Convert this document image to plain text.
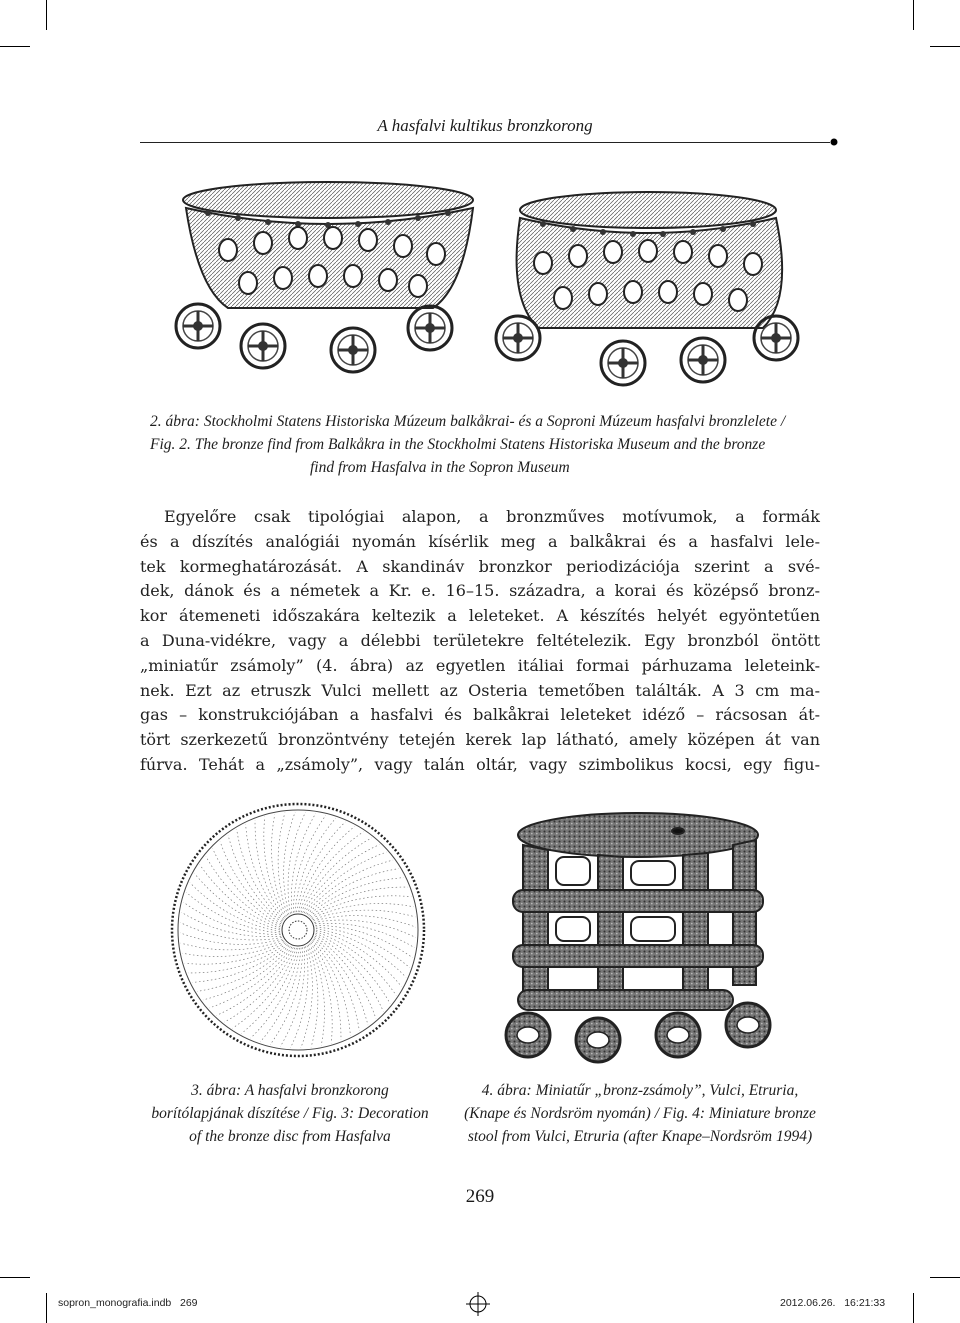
A hasfalvi kultikus bronzkorong
2. ábra: Stockholmi Statens Historiska Múzeum balkåkrai- és a Soproni Múzeum hasfalvi bronzlelete /
Fig. 2. The bronze find from Balkåkra in the Stockholmi Statens Historiska Museum and the bronze
find from Hasfalva in the Sopron Museum
Egyelőre csak tipológiai alapon, a bronzműves motívumok, a formák
és a díszítés analógiái nyomán kísérlik meg a balkåkrai és a hasfalvi lele-
tek kormeghatározását. A skandináv bronzkor periodizációja szerint a své-
dek, dánok és a németek a Kr. e. 16–15. századra, a korai és középső bronz-
kor átemeneti időszakára keltezik a leleteket. A készítés helyét egyöntetűen
a Duna-vidékre, vagy a délebbi területekre feltételezik. Egy bronzból öntött
„miniatűr zsámoly” (4. ábra) az egyetlen itáliai formai párhuzama leleteink-
nek. Ezt az etruszk Vulci mellett az Osteria temetőben találták. A 3 cm ma-
gas – konstrukciójában a hasfalvi és balkåkrai leleteket idéző – rácsosan át-
tört szerkezetű bronzöntvény tetején kerek lap látható, amely középen át van
fúrva. Tehát a „zsámoly”, vagy talán oltár, vagy szimbolikus kocsi, egy figu-
3. ábra: A hasfalvi bronzkorong
borítólapjának díszítése / Fig. 3: Decoration
of the bronze disc from Hasfalva
4. ábra: Miniatűr „bronz-zsámoly”, Vulci, Etruria,
(Knape és Nordsröm nyomán) / Fig. 4: Miniature bronze
stool from Vulci, Etruria (after Knape–Nordsröm 1994)
269
sopron_monografia.indb   269	2012.06.26.   16:21:33
